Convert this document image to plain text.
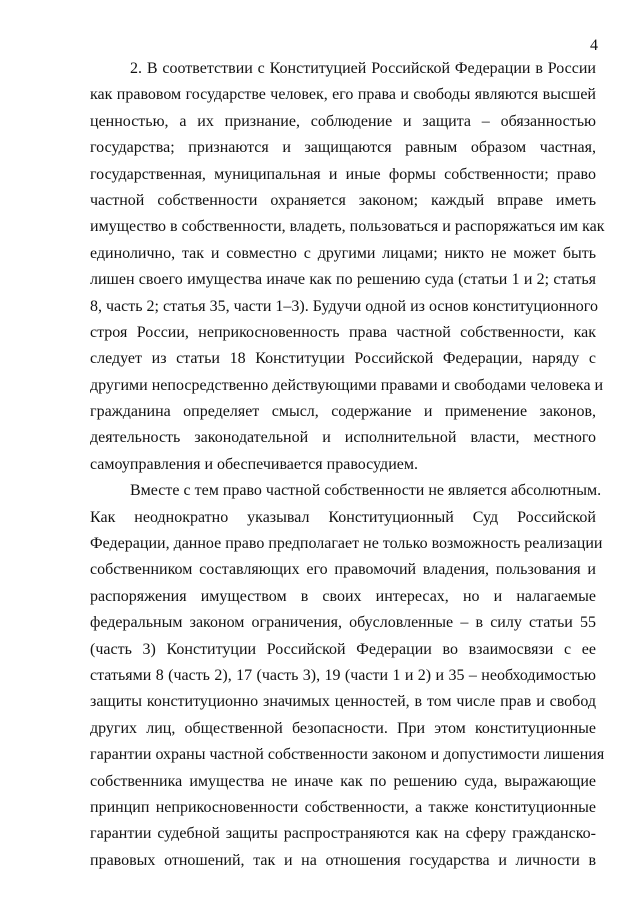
4

2. В соответствии с Конституцией Российской Федерации в России
как правовом государстве человек, его права и свободы являются высшей
ценностью, а их признание, соблюдение и защита – обязанностью
государства; признаются и защищаются равным образом частная,
государственная, муниципальная и иные формы собственности; право
частной собственности охраняется законом; каждый вправе иметь
имущество в собственности, владеть, пользоваться и распоряжаться им как
единолично, так и совместно с другими лицами; никто не может быть
лишен своего имущества иначе как по решению суда (статьи 1 и 2; статья
8, часть 2; статья 35, части 1–3). Будучи одной из основ конституционного
строя России, неприкосновенность права частной собственности, как
следует из статьи 18 Конституции Российской Федерации, наряду с
другими непосредственно действующими правами и свободами человека и
гражданина определяет смысл, содержание и применение законов,
деятельность законодательной и исполнительной власти, местного
самоуправления и обеспечивается правосудием.

Вместе с тем право частной собственности не является абсолютным.
Как неоднократно указывал Конституционный Суд Российской
Федерации, данное право предполагает не только возможность реализации
собственником составляющих его правомочий владения, пользования и
распоряжения имуществом в своих интересах, но и налагаемые
федеральным законом ограничения, обусловленные – в силу статьи 55
(часть 3) Конституции Российской Федерации во взаимосвязи с ее
статьями 8 (часть 2), 17 (часть 3), 19 (части 1 и 2) и 35 – необходимостью
защиты конституционно значимых ценностей, в том числе прав и свобод
других лиц, общественной безопасности. При этом конституционные
гарантии охраны частной собственности законом и допустимости лишения
собственника имущества не иначе как по решению суда, выражающие
принцип неприкосновенности собственности, а также конституционные
гарантии судебной защиты распространяются как на сферу гражданско-
правовых отношений, так и на отношения государства и личности в
